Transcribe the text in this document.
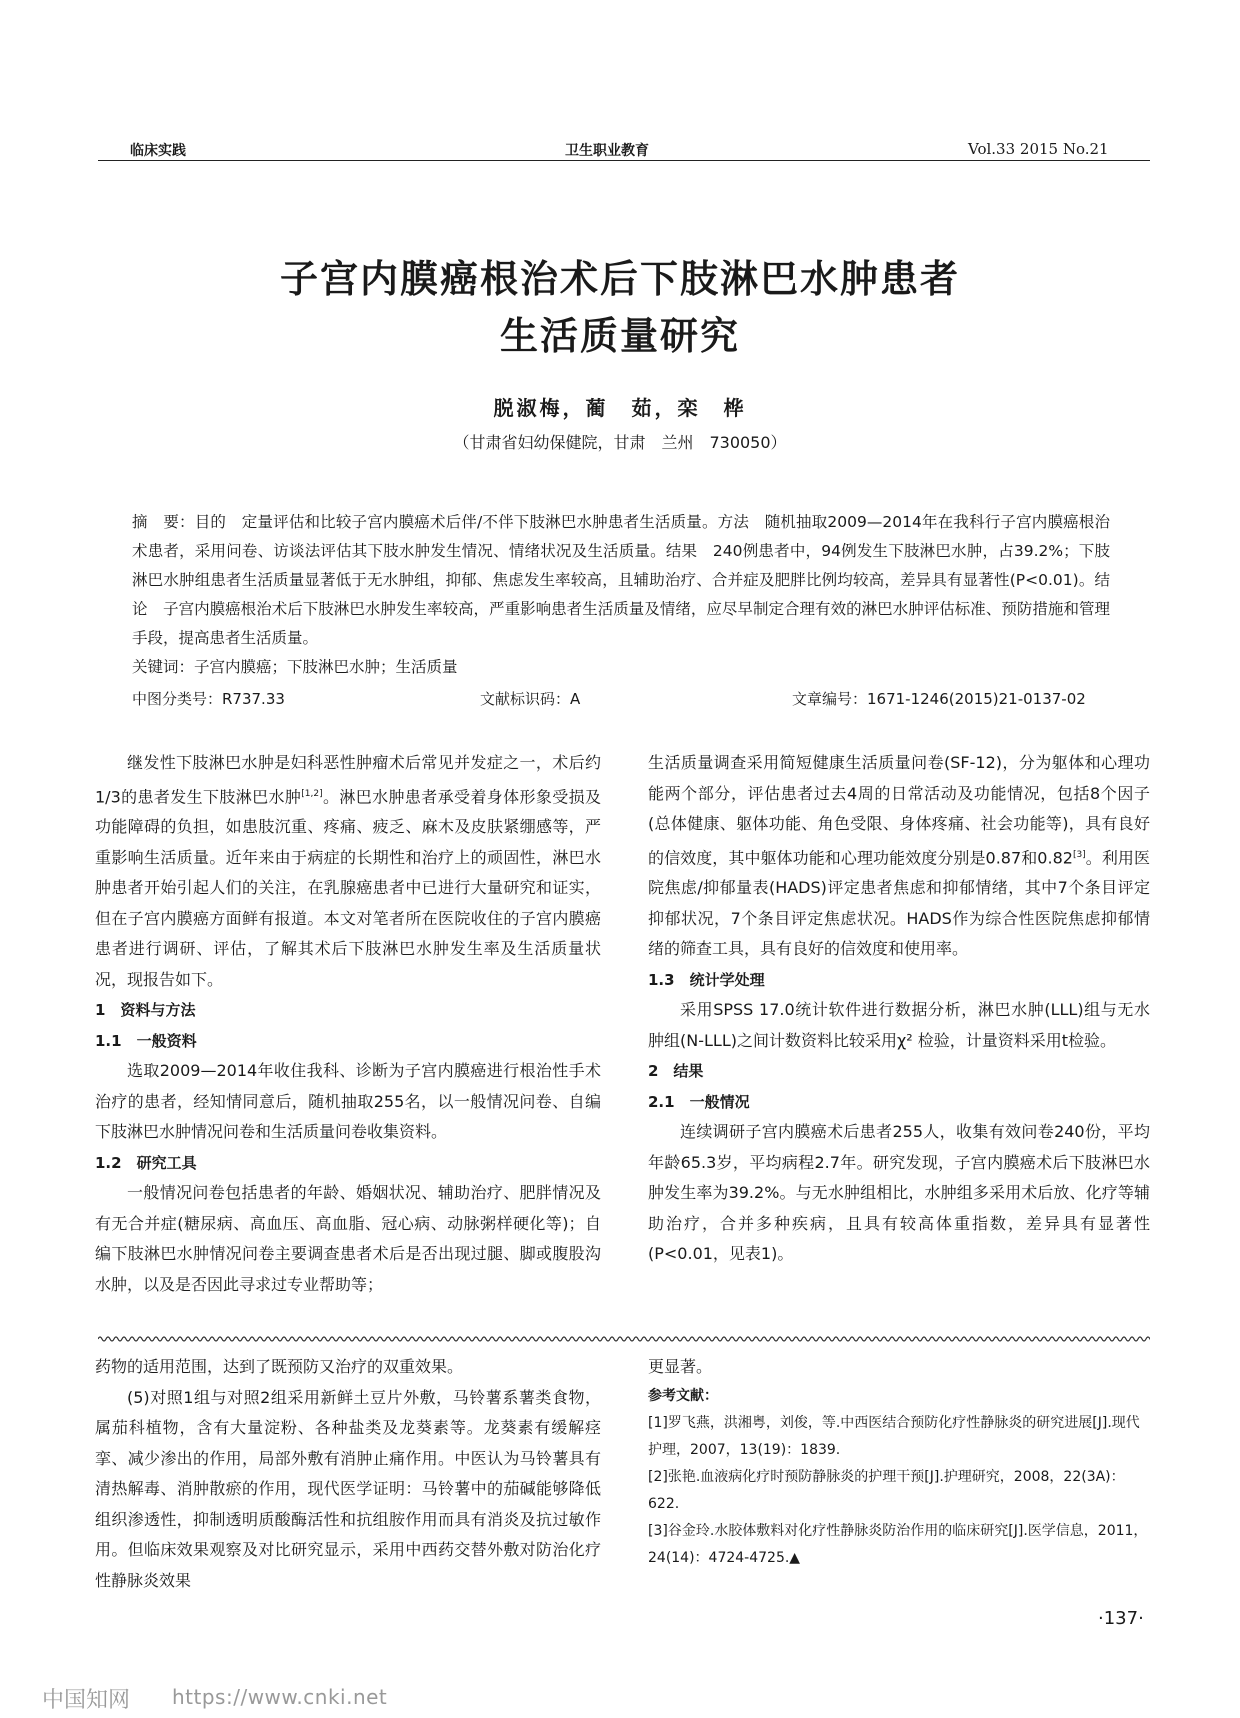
临床实践	卫生职业教育	Vol.33 2015 No.21
子宫内膜癌根治术后下肢淋巴水肿患者
生活质量研究
脱淑梅，蔺　茹，栾　桦
（甘肃省妇幼保健院，甘肃　兰州　730050）

摘　要：目的　定量评估和比较子宫内膜癌术后伴/不伴下肢淋巴水肿患者生活质量。方法　随机抽取2009—2014年在我科行子宫内膜癌根治术患者，采用问卷、访谈法评估其下肢水肿发生情况、情绪状况及生活质量。结果　240例患者中，94例发生下肢淋巴水肿，占39.2%；下肢淋巴水肿组患者生活质量显著低于无水肿组，抑郁、焦虑发生率较高，且辅助治疗、合并症及肥胖比例均较高，差异具有显著性(P<0.01)。结论　子宫内膜癌根治术后下肢淋巴水肿发生率较高，严重影响患者生活质量及情绪，应尽早制定合理有效的淋巴水肿评估标准、预防措施和管理手段，提高患者生活质量。

关键词：子宫内膜癌；下肢淋巴水肿；生活质量

中图分类号：R737.33	文献标识码：A	文章编号：1671-1246(2015)21-0137-02

继发性下肢淋巴水肿是妇科恶性肿瘤术后常见并发症之一，术后约1/3的患者发生下肢淋巴水肿[1,2]。淋巴水肿患者承受着身体形象受损及功能障碍的负担，如患肢沉重、疼痛、疲乏、麻木及皮肤紧绷感等，严重影响生活质量。近年来由于病症的长期性和治疗上的顽固性，淋巴水肿患者开始引起人们的关注，在乳腺癌患者中已进行大量研究和证实，但在子宫内膜癌方面鲜有报道。本文对笔者所在医院收住的子宫内膜癌患者进行调研、评估，了解其术后下肢淋巴水肿发生率及生活质量状况，现报告如下。

1　资料与方法

1.1　一般资料

选取2009—2014年收住我科、诊断为子宫内膜癌进行根治性手术治疗的患者，经知情同意后，随机抽取255名，以一般情况问卷、自编下肢淋巴水肿情况问卷和生活质量问卷收集资料。

1.2　研究工具

一般情况问卷包括患者的年龄、婚姻状况、辅助治疗、肥胖情况及有无合并症(糖尿病、高血压、高血脂、冠心病、动脉粥样硬化等)；自编下肢淋巴水肿情况问卷主要调查患者术后是否出现过腿、脚或腹股沟水肿，以及是否因此寻求过专业帮助等；

生活质量调查采用简短健康生活质量问卷(SF-12)，分为躯体和心理功能两个部分，评估患者过去4周的日常活动及功能情况，包括8个因子(总体健康、躯体功能、角色受限、身体疼痛、社会功能等)，具有良好的信效度，其中躯体功能和心理功能效度分别是0.87和0.82[3]。利用医院焦虑/抑郁量表(HADS)评定患者焦虑和抑郁情绪，其中7个条目评定抑郁状况，7个条目评定焦虑状况。HADS作为综合性医院焦虑抑郁情绪的筛查工具，具有良好的信效度和使用率。

1.3　统计学处理

采用SPSS 17.0统计软件进行数据分析，淋巴水肿(LLL)组与无水肿组(N-LLL)之间计数资料比较采用χ² 检验，计量资料采用t检验。

2　结果

2.1　一般情况

连续调研子宫内膜癌术后患者255人，收集有效问卷240份，平均年龄65.3岁，平均病程2.7年。研究发现，子宫内膜癌术后下肢淋巴水肿发生率为39.2%。与无水肿组相比，水肿组多采用术后放、化疗等辅助治疗，合并多种疾病，且具有较高体重指数，差异具有显著性(P<0.01，见表1)。

药物的适用范围，达到了既预防又治疗的双重效果。

(5)对照1组与对照2组采用新鲜土豆片外敷，马铃薯系薯类食物，属茄科植物，含有大量淀粉、各种盐类及龙葵素等。龙葵素有缓解痉挛、减少渗出的作用，局部外敷有消肿止痛作用。中医认为马铃薯具有清热解毒、消肿散瘀的作用，现代医学证明：马铃薯中的茄碱能够降低组织渗透性，抑制透明质酸酶活性和抗组胺作用而具有消炎及抗过敏作用。但临床效果观察及对比研究显示，采用中西药交替外敷对防治化疗性静脉炎效果

更显著。

参考文献：

[1]罗飞燕，洪湘粤，刘俊，等.中西医结合预防化疗性静脉炎的研究进展[J].现代护理，2007，13(19)：1839.

[2]张艳.血液病化疗时预防静脉炎的护理干预[J].护理研究，2008，22(3A)：622.

[3]谷金玲.水胶体敷料对化疗性静脉炎防治作用的临床研究[J].医学信息，2011，24(14)：4724-4725.▲

·137·
中国知网 https://www.cnki.net
